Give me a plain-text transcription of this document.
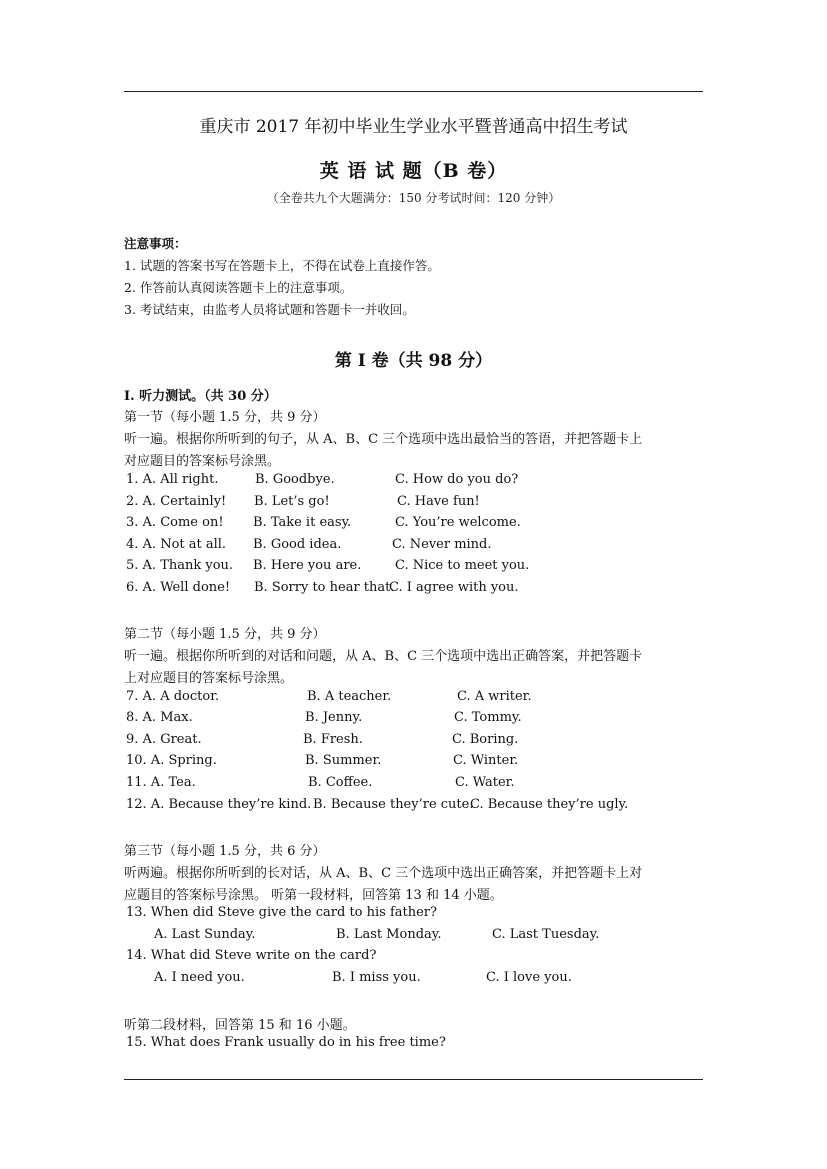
重庆市 2017 年初中毕业生学业水平暨普通高中招生考试
英 语 试 题（B 卷）
（全卷共九个大题满分：150 分考试时间：120 分钟）
注意事项：
1. 试题的答案书写在答题卡上，不得在试卷上直接作答。
2. 作答前认真阅读答题卡上的注意事项。
3. 考试结束，由监考人员将试题和答题卡一并收回。
第 I 卷（共 98 分）
I. 听力测试。（共 30 分）
第一节（每小题 1.5 分，共 9 分）
听一遍。根据你所听到的句子，从 A、B、C 三个选项中选出最恰当的答语，并把答题卡上
对应题目的答案标号涂黑。
1. A. All right.	B. Goodbye.	C. How do you do?
2. A. Certainly! B. Let’s go!	C. Have fun!
3. A. Come on! B. Take it easy.	C. You’re welcome.
4. A. Not at all. B. Good idea.	C. Never mind.
5. A. Thank you. B. Here you are.	C. Nice to meet you.
6. A. Well done! B. Sorry to hear that.
C. I agree with you.
第二节（每小题 1.5 分，共 9 分）
听一遍。根据你所听到的对话和问题，从 A、B、C 三个选项中选出正确答案，并把答题卡
上对应题目的答案标号涂黑。
7. A. A doctor.	B. A teacher.	C. A writer.
8. A. Max.	B. Jenny.	C. Tommy.
9. A. Great.	B. Fresh.	C. Boring.
10. A. Spring.	B. Summer.	C. Winter.
11. A. Tea.	B. Coffee.	C. Water.
12. A. Because they’re kind. B. Because they’re cute.
C. Because they’re ugly.
第三节（每小题 1.5 分，共 6 分）
听两遍。根据你所听到的长对话，从 A、B、C 三个选项中选出正确答案，并把答题卡上对
应题目的答案标号涂黑。 听第一段材料，回答第 13 和 14 小题。
13. When did Steve give the card to his father?
A. Last Sunday.	B. Last Monday.	C. Last Tuesday.
14. What did Steve write on the card?
A. I need you.	B. I miss you.	C. I love you.
听第二段材料，回答第 15 和 16 小题。
15. What does Frank usually do in his free time?
